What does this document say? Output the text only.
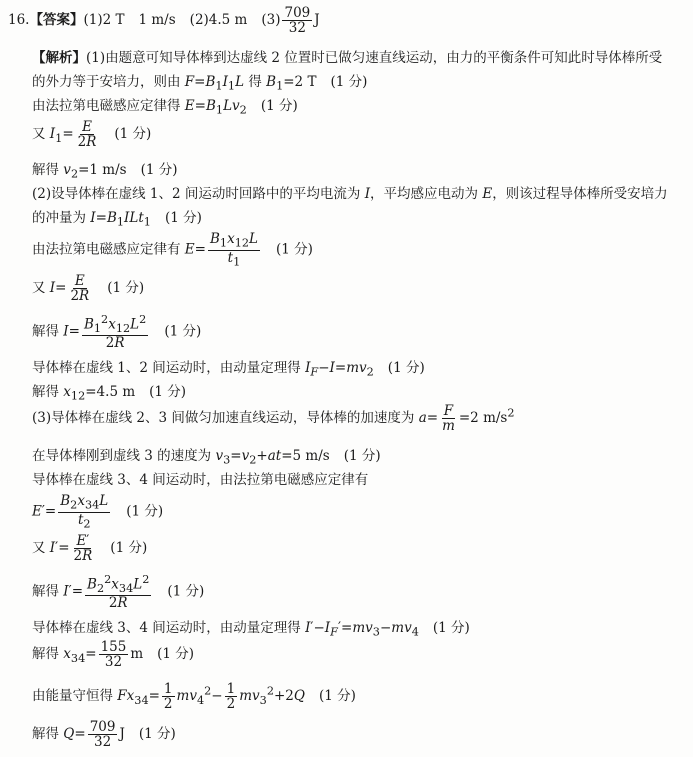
16.【答案】(1)2 T 1 m/s (2)4.5 m $(3) \frac{709}{32}$ J
【解析】(1)由题意可知导体棒到达虚线 2 位置时已做匀速直线运动，由力的平衡条件可知此时导体棒所受
的外力等于安培力，则由 $F=B_1I_1L$ 得 $B_1=2$ T (1 分)
由法拉第电磁感应定律得 $E=B_1Lv_2$ (1 分)
又 $I_1= \frac{E}{2R} (1$ 分)
解得 $v_2=1$ m/s (1 分)
(2)设导体棒在虚线 1、2 间运动时回路中的平均电流为 I，平均感应电动为 E，则该过程导体棒所受安培力
的冲量为 $I=B_1ILt_1$ (1 分)
由法拉第电磁感应定律有 $E= \frac{B_1x_{12}L}{t_1} (1$ 分)
又 $I= \frac{E}{2R} (1$ 分)
解得 $I= \frac{B_1^2x_{12}L^2}{2R} (1$ 分)
导体棒在虚线 1、2 间运动时，由动量定理得 $I_F-I=mv_2$ (1 分)
解得 $x_{12}=4.5$ m (1 分)
(3)导体棒在虚线 2、3 间做匀加速直线运动，导体棒的加速度为 $a= \frac{F}{m} =2$ $m/s^2$
在导体棒刚到虚线 3 的速度为 $v_3=v_2+at=5$ m/s (1 分)
导体棒在虚线 3、4 间运动时，由法拉第电磁感应定律有
$E'= \frac{B_2x_{34}L}{t_2} (1$ 分)
又 $I'= \frac{E'}{2R} (1$ 分)
解得 $I'= \frac{B_2^2x_{34}L^2}{2R} (1$ 分)
导体棒在虚线 3、4 间运动时，由动量定理得 $I'-I_F'=mv_3-mv_4$ (1 分)
解得 $x_{34}= \frac{155}{32}$ m (1 分)
由能量守恒得 $Fx_{34}= \frac{1}{2} mv_4^2- \frac{1}{2} mv_3^2+2Q$ (1 分)
解得 $Q= \frac{709}{32}$ J (1 分)
